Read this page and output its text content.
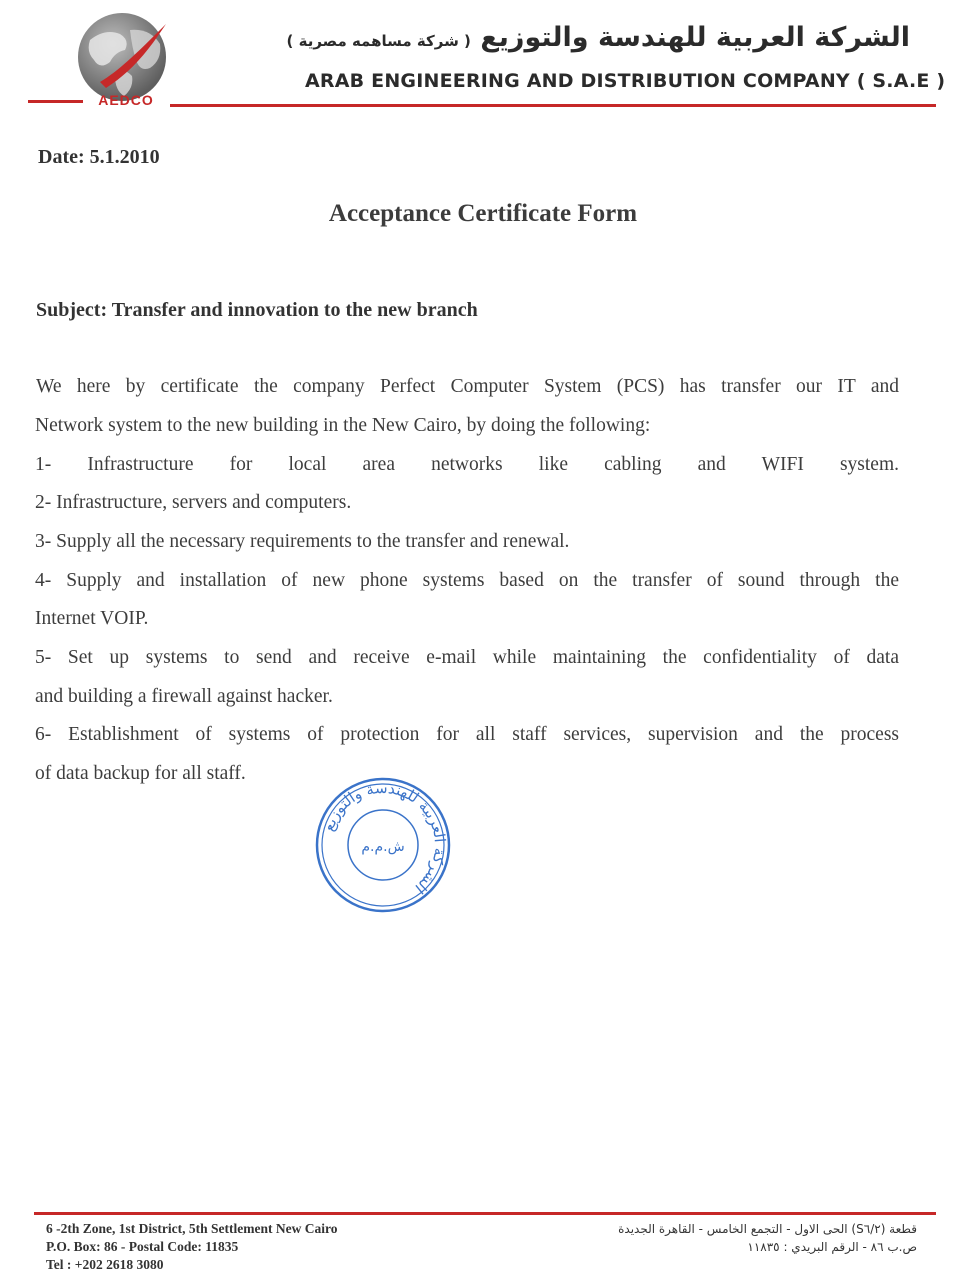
AEDCO
الشركة العربية للهندسة والتوزيع ( شركة مساهمه مصرية )
ARAB ENGINEERING AND DISTRIBUTION COMPANY ( S.A.E )
Date: 5.1.2010
Acceptance Certificate Form
Subject: Transfer and innovation to the new branch
We here by certificate the company Perfect Computer System (PCS) has transfer our IT and
Network system to the new building in the New Cairo, by doing the following:
1- Infrastructure for local area networks like cabling and WIFI system.
2- Infrastructure, servers and computers.
3- Supply all the necessary requirements to the transfer and renewal.
4- Supply and installation of new phone systems based on the transfer of sound through the
Internet VOIP.
5- Set up systems to send and receive e-mail while maintaining the confidentiality of data
and building a firewall against hacker.
6- Establishment of systems of protection for all staff services, supervision and the process
of data backup for all staff.
الشركة العربية للهندسة والتوزيع
ش.م.م
6 -2th Zone, 1st District, 5th Settlement New Cairo
P.O. Box: 86 - Postal Code: 11835
Tel : +202 2618 3080
قطعة (S٦/٢) الحى الاول - التجمع الخامس - القاهرة الجديدة
ص.ب ٨٦ - الرقم البريدي : ١١٨٣٥
